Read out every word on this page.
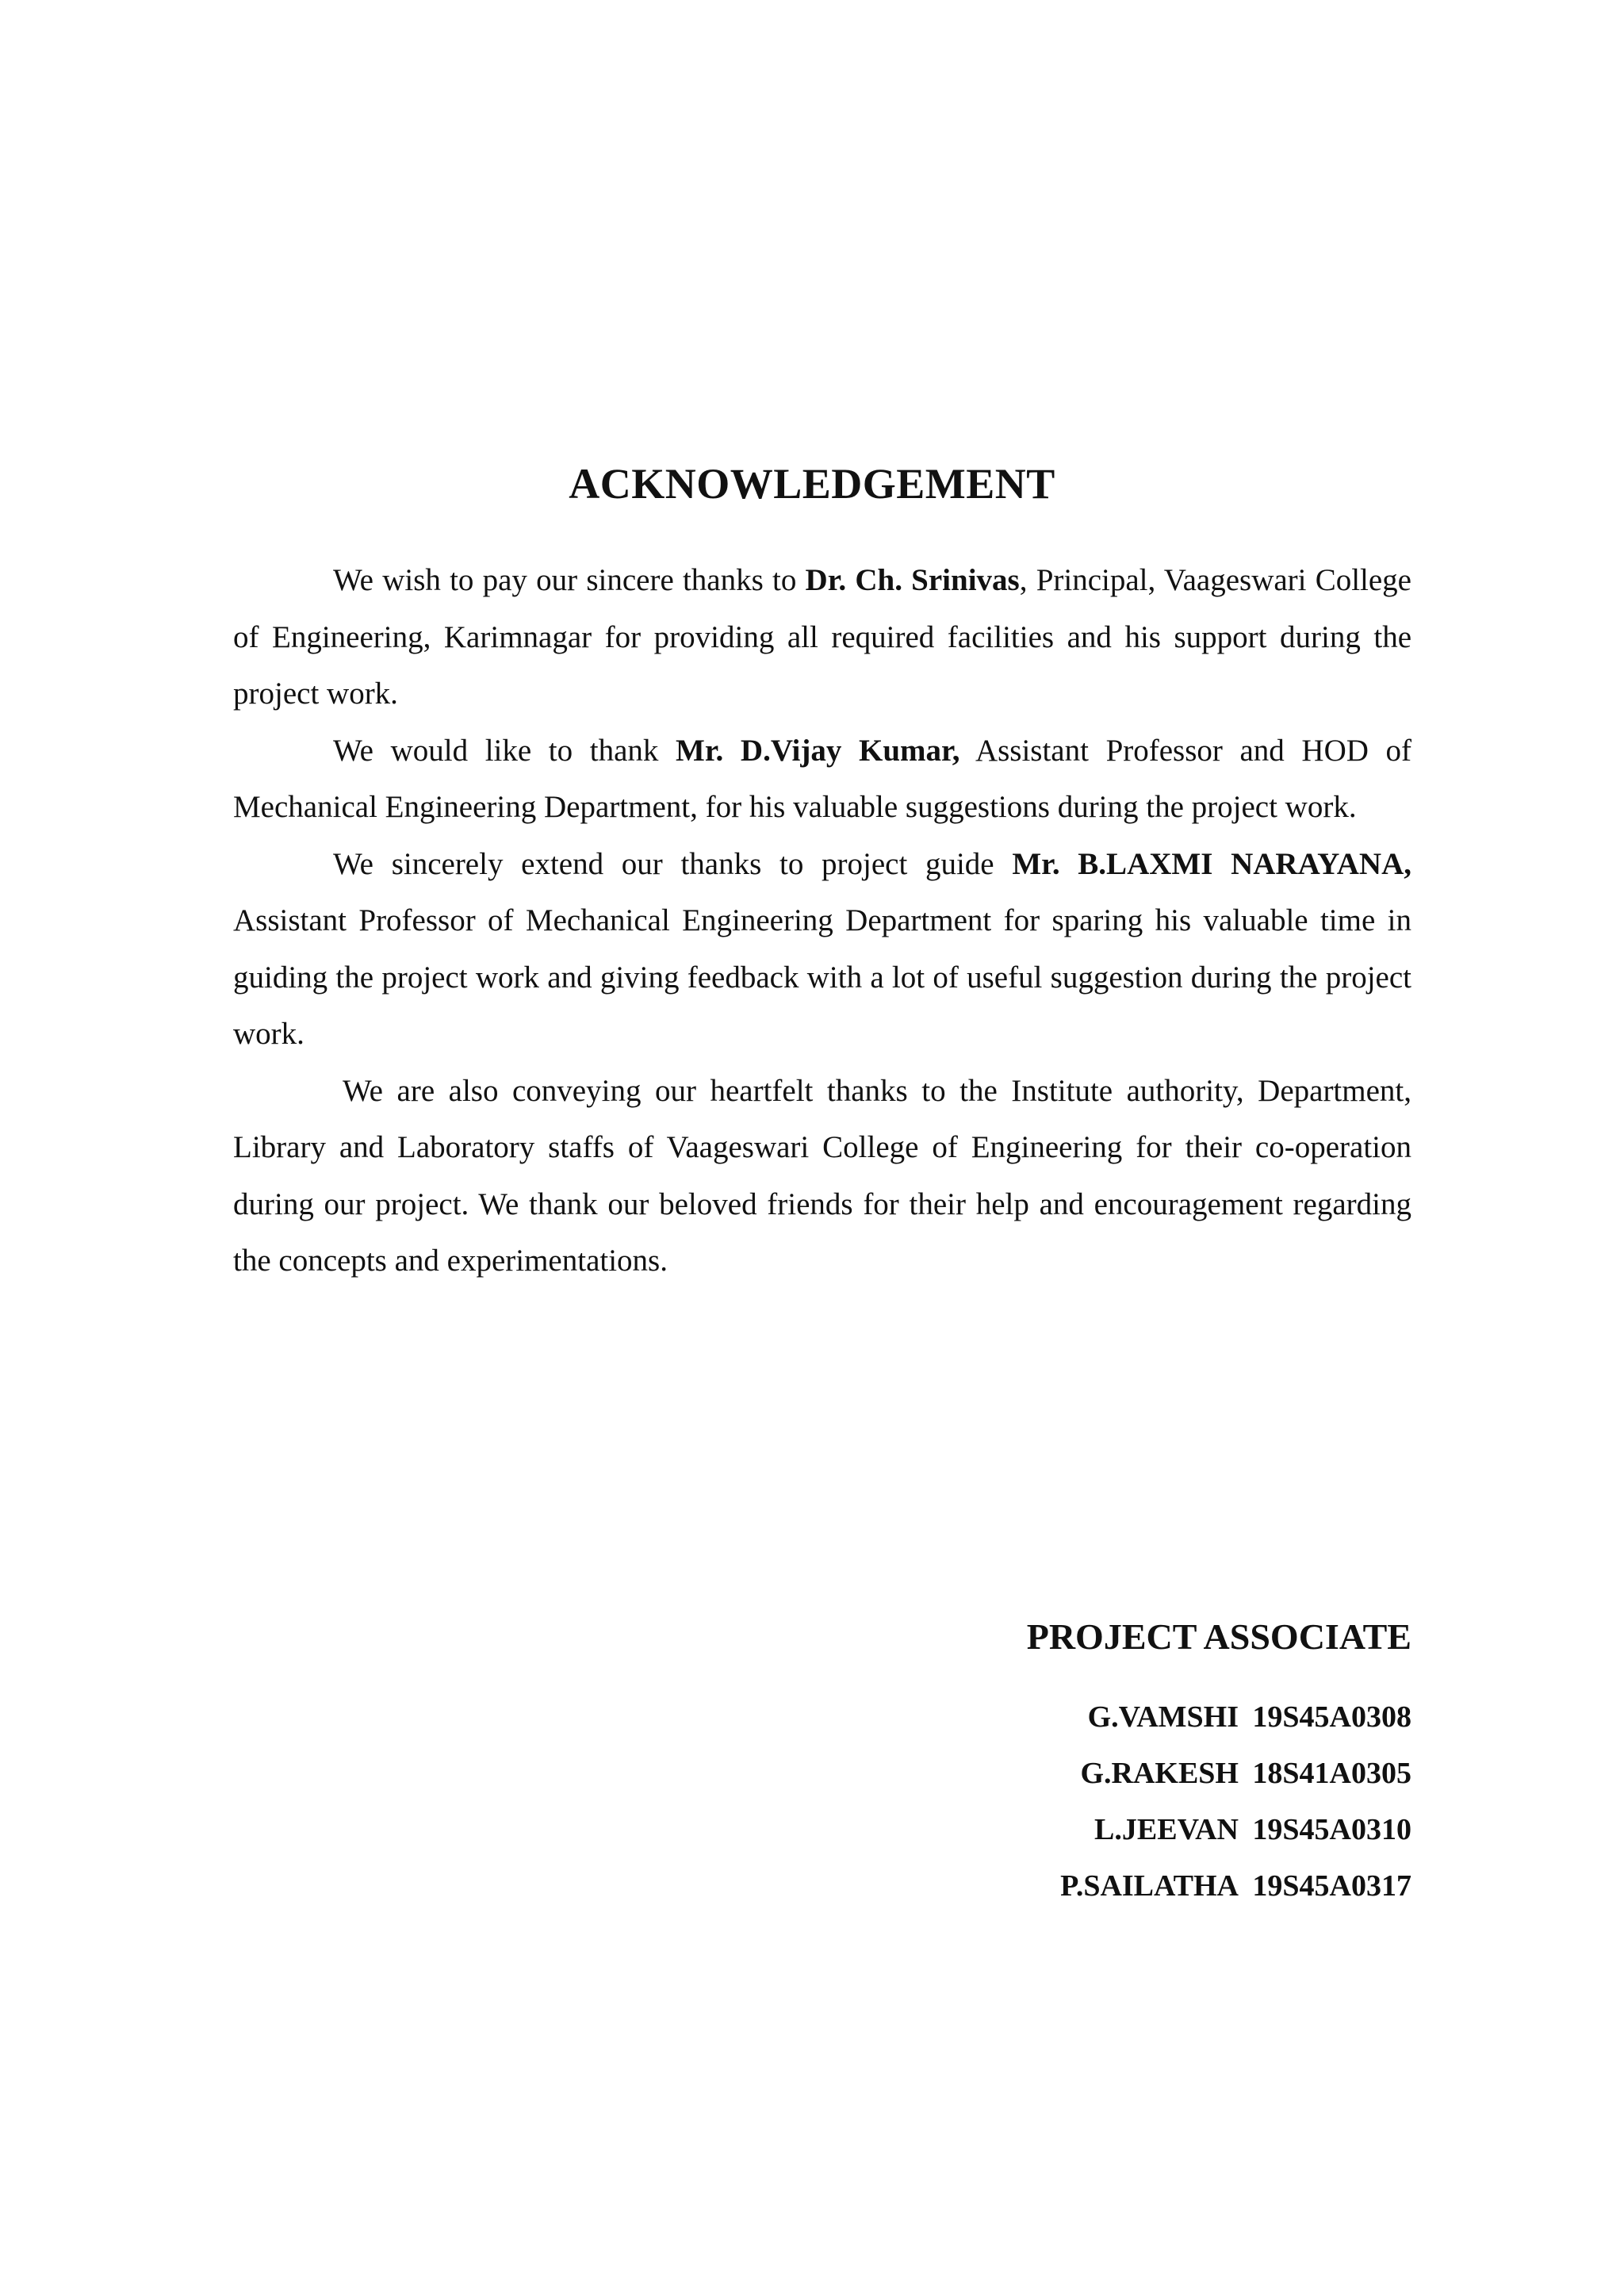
ACKNOWLEDGEMENT

We wish to pay our sincere thanks to Dr. Ch. Srinivas, Principal, Vaageswari College of Engineering, Karimnagar for providing all required facilities and his support during the project work.

We would like to thank Mr. D.Vijay Kumar, Assistant Professor and HOD of Mechanical Engineering Department, for his valuable suggestions during the project work.

We sincerely extend our thanks to project guide Mr. B.LAXMI NARAYANA, Assistant Professor of Mechanical Engineering Department for sparing his valuable time in guiding the project work and giving feedback with a lot of useful suggestion during the project work.

We are also conveying our heartfelt thanks to the Institute authority, Department, Library and Laboratory staffs of Vaageswari College of Engineering for their co-operation during our project. We thank our beloved friends for their help and encouragement regarding the concepts and experimentations.

PROJECT ASSOCIATE
G.VAMSHI 19S45A0308
G.RAKESH 18S41A0305
L.JEEVAN 19S45A0310
P.SAILATHA 19S45A0317
